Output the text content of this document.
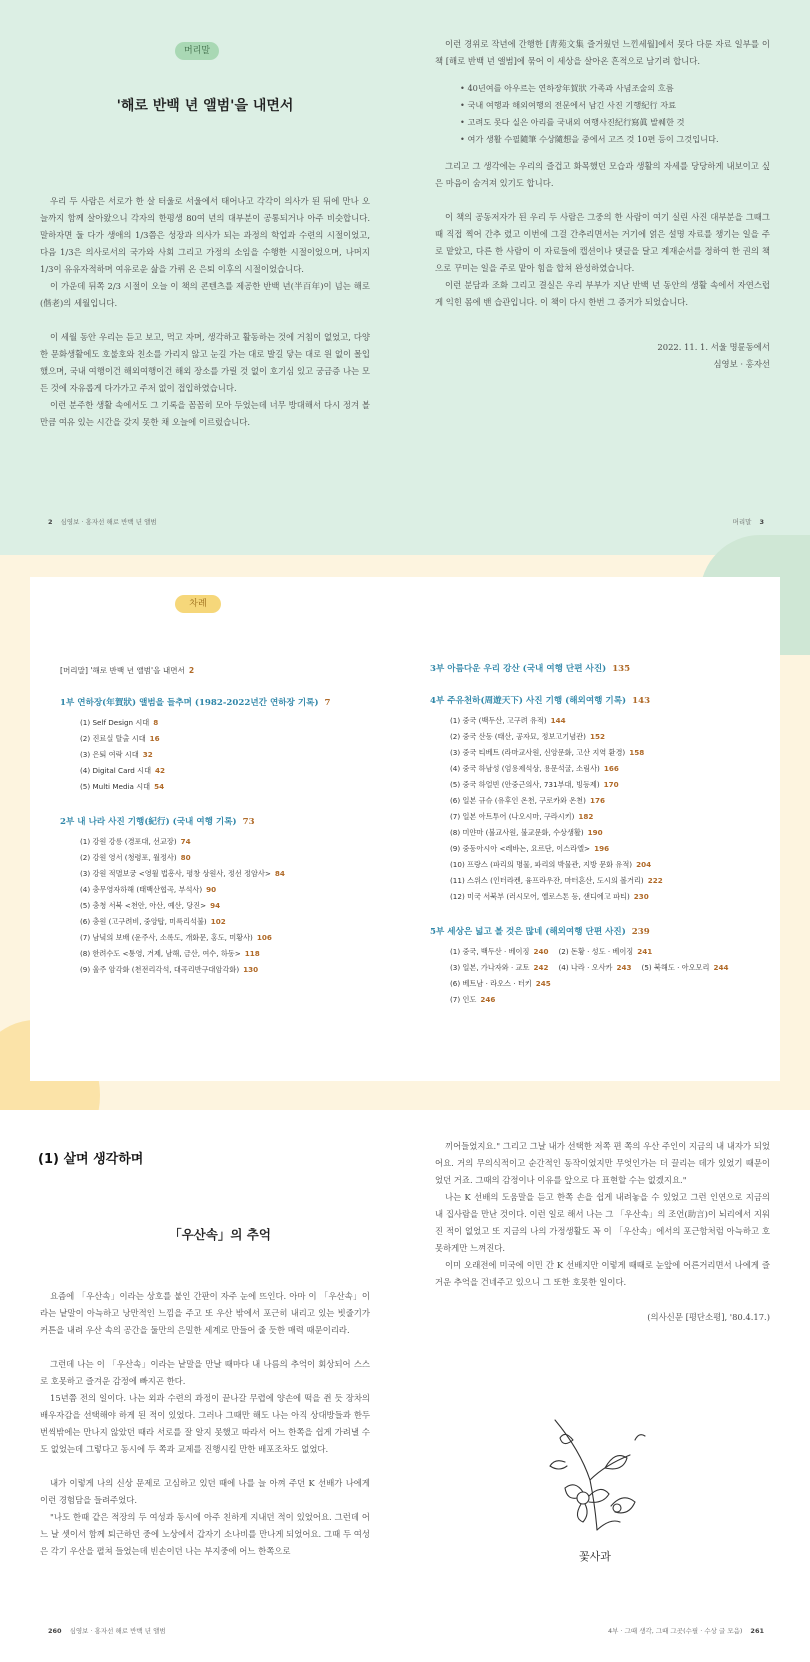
머리말
'해로 반백 년 앨범'을 내면서

우리 두 사람은 서로가 한 살 터울로 서울에서 태어나고 각각이 의사가 된 뒤에 만나 오늘까지 함께 살아왔으니 각자의 한평생 80여 년의 대부분이 공통되거나 아주 비슷합니다. 말하자면 둘 다가 생애의 1/3쯤은 성장과 의사가 되는 과정의 학업과 수련의 시절이었고, 다음 1/3은 의사로서의 국가와 사회 그리고 가정의 소임을 수행한 시절이었으며, 나머지 1/3이 유유자적하며 여유로운 삶을 가뤼 온 은퇴 이후의 시절이었습니다.

이 가운데 뒤쪽 2/3 시절이 오늘 이 책의 콘텐츠를 제공한 반백 년(半百年)이 넘는 해로(偕老)의 세월입니다.

이 세월 동안 우리는 듣고 보고, 먹고 자며, 생각하고 활동하는 것에 거침이 없었고, 다양한 문화생활에도 호불호와 친소를 가리지 않고 눈길 가는 대로 발길 닿는 대로 원 없이 몰입했으며, 국내 여행이건 해외여행이건 해외 장소를 가릴 것 없이 호기심 있고 궁금증 나는 모든 것에 자유롭게 다가가고 주저 없이 접입하였습니다.

이런 분주한 생활 속에서도 그 기록을 꼼꼼히 모아 두었는데 너무 방대해서 다시 정겨 볼 만큼 여유 있는 시간을 갖지 못한 채 오늘에 이르렀습니다.

이런 경위로 작년에 간행한 [靑苑文集 즐거웠던 느낀세월]에서 못다 다룬 자료 일부를 이 책 [해로 반백 년 앨범]에 묶어 이 세상을 살아온 흔적으로 남기려 합니다.

• 40년여를 아우르는 연하장年賀狀 가족과 사념조술의 흐름
• 국내 여행과 해외여행의 전문에서 남긴 사진 기행紀行 자료
• 고려도 못다 실은 아리를 국내외 여행사진紀行寫眞 발췌한 것
• 여가 생활 수필隨筆 수상隨想을 중에서 고즈 것 10편 등이 그것입니다.

그리고 그 생각에는 우리의 즐겁고 화목했던 모습과 생활의 자세를 당당하게 내보이고 싶은 마음이 숨겨져 있기도 합니다.

이 책의 공동저자가 된 우리 두 사람은 그중의 한 사람이 여기 실린 사진 대부분을 그때그때 직접 찍어 간추 렸고 이번에 그걸 간추리면서는 거기에 얽은 설명 자료를 챙기는 일을 주로 맡았고, 다른 한 사람이 이 자료들에 캡션이나 댓글을 달고 계재순서를 정하여 한 권의 책으로 꾸미는 일을 주로 맡아 힘을 합쳐 완성하였습니다.

이런 분담과 조화 그리고 결실은 우리 부부가 지난 반백 년 동안의 생활 속에서 자연스럽게 익힌 몸에 밴 습관입니다. 이 책이 다시 한번 그 증거가 되었습니다.

2022. 11. 1. 서울 명륜동에서

심영보 · 홍자선

2 심영보 · 홍자선 해로 반백 년 앨범	머리말 3
차례
[머리말] '해로 반백 년 앨범'을 내면서 2
1부 연하장(年賀狀) 앨범을 들추며 (1982-2022년간 연하장 기록) 7
(1) Self Design 시대 8
(2) 진료실 탈출 시대 16
(3) 은퇴 여락 시대 32
(4) Digital Card 시대 42
(5) Multi Media 시대 54
2부 내 나라 사진 기행(紀行) (국내 여행 기록) 73
(1) 강원 강릉 (경포대, 선교장) 74
(2) 강원 영서 (청령포, 월정사) 80
(3) 강원 적멸보궁 <영월 법흥사, 평창 상원사, 정선 정암사> 84
(4) 충무영자하해 (태백산협곡, 부석사) 90
(5) 충청 서북 <천안, 아산, 예산, 당진> 94
(6) 충원 (고구려비, 중앙탑, 미륵리석불) 102
(7) 남녘의 보배 (운주사, 소록도, 개화문, 홍도, 미황사) 106
(8) 한려수도 <통영, 거제, 남해, 금산, 여수, 하동> 118
(9) 울주 암각화 (천전리각석, 대곡리반구대암각화) 130
3부 아름다운 우리 강산 (국내 여행 단편 사진) 135
4부 주유천하(周遊天下) 사진 기행 (해외여행 기록) 143
(1) 중국 (백두산, 고구려 유적) 144
(2) 중국 산동 (태산, 공자묘, 정보고기념관) 152
(3) 중국 티베트 (라마교사원, 신앙문화, 고산 지역 환경) 158
(4) 중국 하남성 (엄용제석상, 용문석굴, 소림사) 166
(5) 중국 하얼빈 (안중근의사, 731부대, 빙등제) 170
(6) 일본 규슈 (유후인 온천, 구로카와 온천) 176
(7) 일본 아트투어 (나오시마, 구라시키) 182
(8) 미얀마 (불교사원, 불교문화, 수상생활) 190
(9) 중동아시아 <레바논, 요르단, 이스라엘> 196
(10) 프랑스 (파리의 명물, 파리의 박물관, 지방 문화 유적) 204
(11) 스위스 (인터라켄, 융프라우잔, 마터혼산, 도시의 볼거리) 222
(12) 미국 서북부 (러시모어, 옐로스톤 등, 샌디에고 파티) 230
5부 세상은 넓고 볼 것은 많네 (해외여행 단편 사진) 239
(1) 중국, 백두산 · 베이징 240 (2) 돈황 · 성도 · 베이징 241
(3) 일본, 가나자와 · 교토 242 (4) 나라 · 오사카 243 (5) 북해도 · 아오모리 244
(6) 베트남 · 라오스 · 터키 245
(7) 인도 246
(1) 살며 생각하며
「우산속」의 추억

요즘에 「우산속」이라는 상호를 붙인 간판이 자주 눈에 뜨인다. 아마 이 「우산속」이라는 낱말이 아늑하고 낭만적인 느낌을 주고 또 우산 밖에서 포근히 내리고 있는 빗줄기가 커튼을 내려 우산 속의 공간을 둘만의 은밀한 세계로 만들어 줄 듯한 매력 때문이리라.

그런데 나는 이 「우산속」이라는 낱말을 만날 때마다 내 나름의 추억이 회상되어 스스로 호못하고 즐겨운 감정에 빠지곤 한다.

15년쯤 전의 일이다. 나는 외과 수련의 과정이 끝나갈 무렵에 양손에 떡을 쥔 듯 장차의 배우자감을 선택해야 하게 된 적이 있었다. 그러나 그때만 해도 나는 아직 상대방들과 한두 번씩밖에는 만나지 않았던 때라 서로를 잘 알지 못했고 따라서 어느 한쪽을 쉽게 가려낼 수도 없었는데 그렇다고 동시에 두 쪽과 교제를 진행시킬 만한 배포조차도 없었다.

내가 이렇게 나의 신상 문제로 고심하고 있던 때에 나를 늘 아껴 주던 K 선배가 나에게 이런 경험담을 들려주었다.

"나도 한때 같은 적장의 두 여성과 동시에 아주 친하게 지내던 적이 있었어요. 그런데 어느 날 셋이서 함께 퇴근하던 중에 노상에서 갑자기 소나비를 만나게 되었어요. 그때 두 여성은 각기 우산을 펼쳐 들었는데 빈손이던 나는 부지중에 어느 한쪽으로

끼어들었지요." 그리고 그날 내가 선택한 저쪽 편 쪽의 우산 주인이 지금의 내 내자가 되었어요. 거의 무의식적이고 순간적인 동작이었지만 무엇인가는 더 끌리는 데가 있었기 때문이었던 거죠. 그때의 감정이나 이유를 앞으로 다 표현할 수는 없겠지요."

나는 K 선배의 도움말을 듣고 한쪽 손을 쉽게 내려놓을 수 있었고 그런 인연으로 지금의 내 집사람을 만난 것이다. 이런 일로 해서 나는 그 「우산속」의 조언(助言)이 뇌리에서 지워진 적이 없었고 또 지금의 나의 가정생활도 꼭 이 「우산속」에서의 포근함처럼 아늑하고 호못하게만 느껴진다.

이미 오래전에 미국에 이민 간 K 선배지만 이렇게 때때로 눈앞에 어른거리면서 나에게 즐거운 추억을 건네주고 있으니 그 또한 호못한 일이다.

(의사신문 [평단소평], '80.4.17.)

꽃사과
260 심영보 · 홍자선 해로 반백 년 앨범	4부 · 그때 생각, 그때 그곳(수필 · 수상 글 모음) 261
